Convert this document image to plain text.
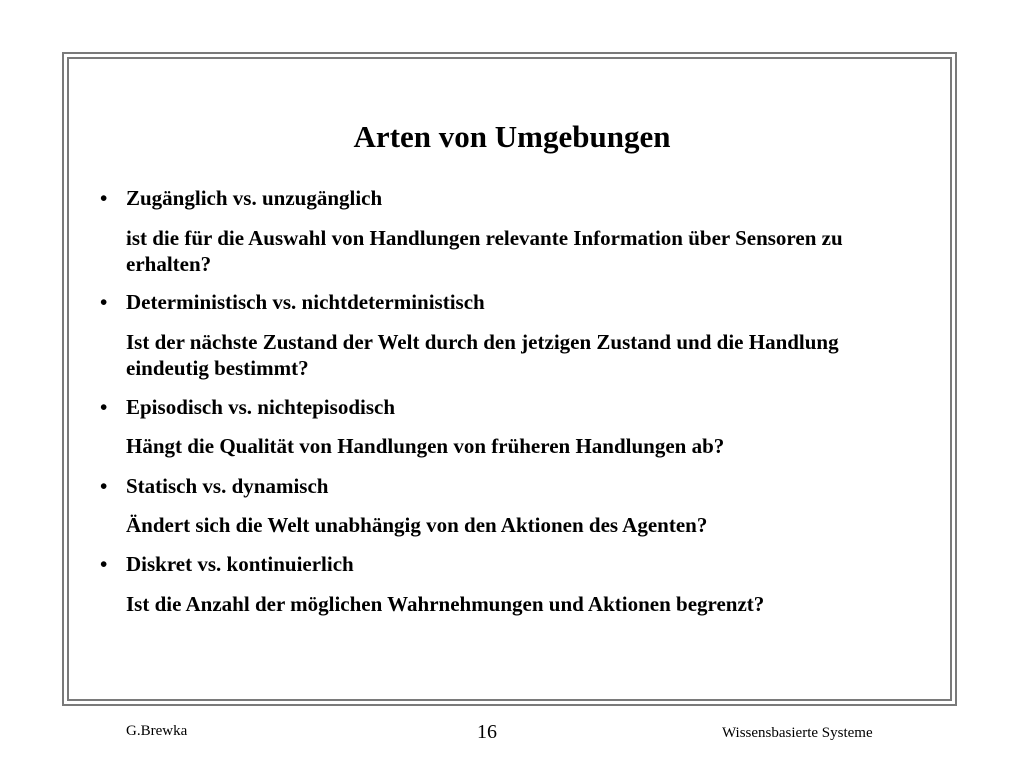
Arten von Umgebungen
• Zugänglich vs. unzugänglich
ist die für die Auswahl von Handlungen relevante Information über Sensoren zu erhalten?
• Deterministisch vs. nichtdeterministisch
Ist der nächste Zustand der Welt durch den jetzigen Zustand und die Handlung eindeutig bestimmt?
• Episodisch vs. nichtepisodisch
Hängt die Qualität von Handlungen von früheren Handlungen ab?
• Statisch vs. dynamisch
Ändert sich die Welt unabhängig von den Aktionen des Agenten?
• Diskret vs. kontinuierlich
Ist die Anzahl der möglichen Wahrnehmungen und Aktionen begrenzt?
G.Brewka	16	Wissensbasierte Systeme
